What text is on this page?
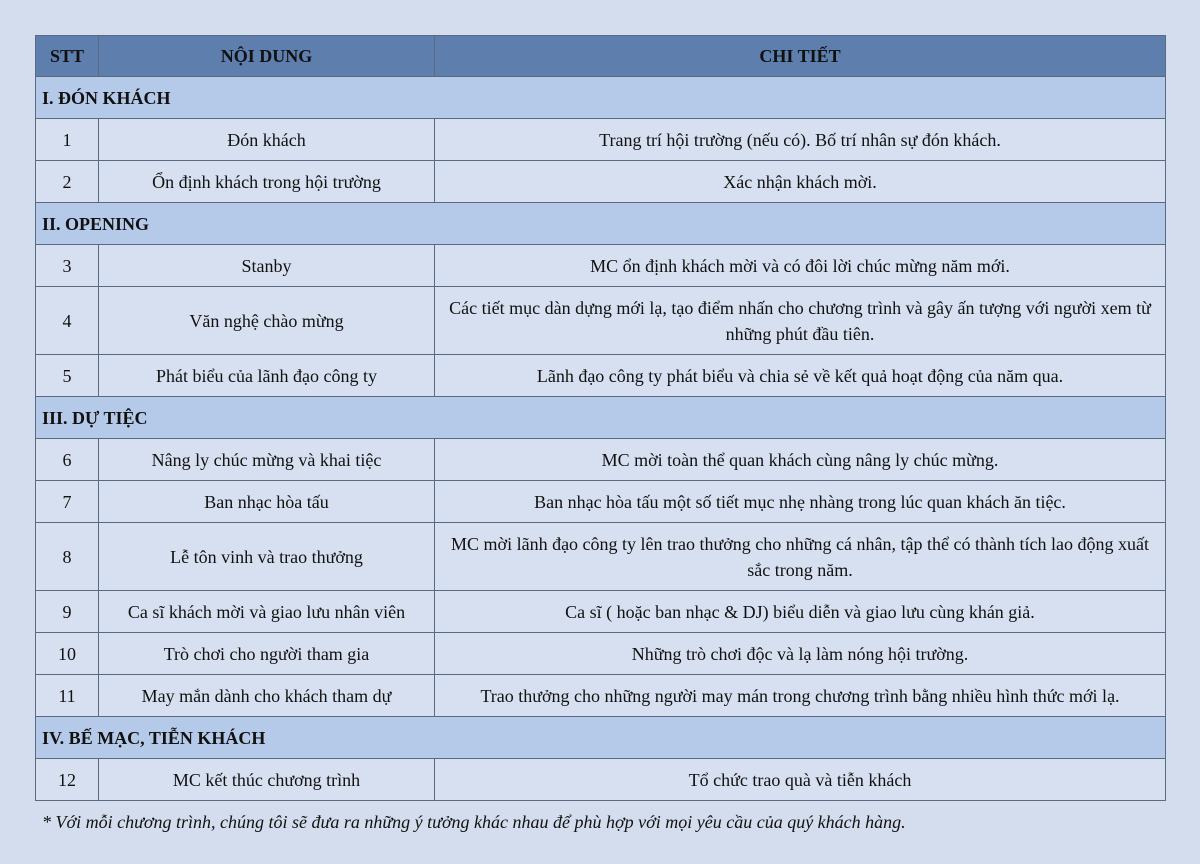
STT	NỘI DUNG	CHI TIẾT
I. ĐÓN KHÁCH		
1	Đón khách	Trang trí hội trường (nếu có). Bố trí nhân sự đón khách.
2	Ổn định khách trong hội trường	Xác nhận khách mời.
II. OPENING		
3	Stanby	MC ổn định khách mời và có đôi lời chúc mừng năm mới.
4	Văn nghệ chào mừng	Các tiết mục dàn dựng mới lạ, tạo điểm nhấn cho chương trình và gây ấn tượng với người xem từ những phút đầu tiên.
5	Phát biểu của lãnh đạo công ty	Lãnh đạo công ty phát biểu và chia sẻ về kết quả hoạt động của năm qua.
III. DỰ TIỆC		
6	Nâng ly chúc mừng và khai tiệc	MC mời toàn thể quan khách cùng nâng ly chúc mừng.
7	Ban nhạc hòa tấu	Ban nhạc hòa tấu một số tiết mục nhẹ nhàng trong lúc quan khách ăn tiệc.
8	Lễ tôn vinh và trao thưởng	MC mời lãnh đạo công ty lên trao thưởng cho những cá nhân, tập thể có thành tích lao động xuất sắc trong năm.
9	Ca sĩ khách mời và giao lưu nhân viên	Ca sĩ ( hoặc ban nhạc & DJ) biểu diễn và giao lưu cùng khán giả.
10	Trò chơi cho người tham gia	Những trò chơi độc và lạ làm nóng hội trường.
11	May mắn dành cho khách tham dự	Trao thưởng cho những người may mán trong chương trình bằng nhiều hình thức mới lạ.
IV. BẾ MẠC, TIỄN KHÁCH		
12	MC kết thúc chương trình	Tổ chức trao quà và tiễn khách
* Với mỗi chương trình, chúng tôi sẽ đưa ra những ý tưởng khác nhau để phù hợp với mọi yêu cầu của quý khách hàng.
